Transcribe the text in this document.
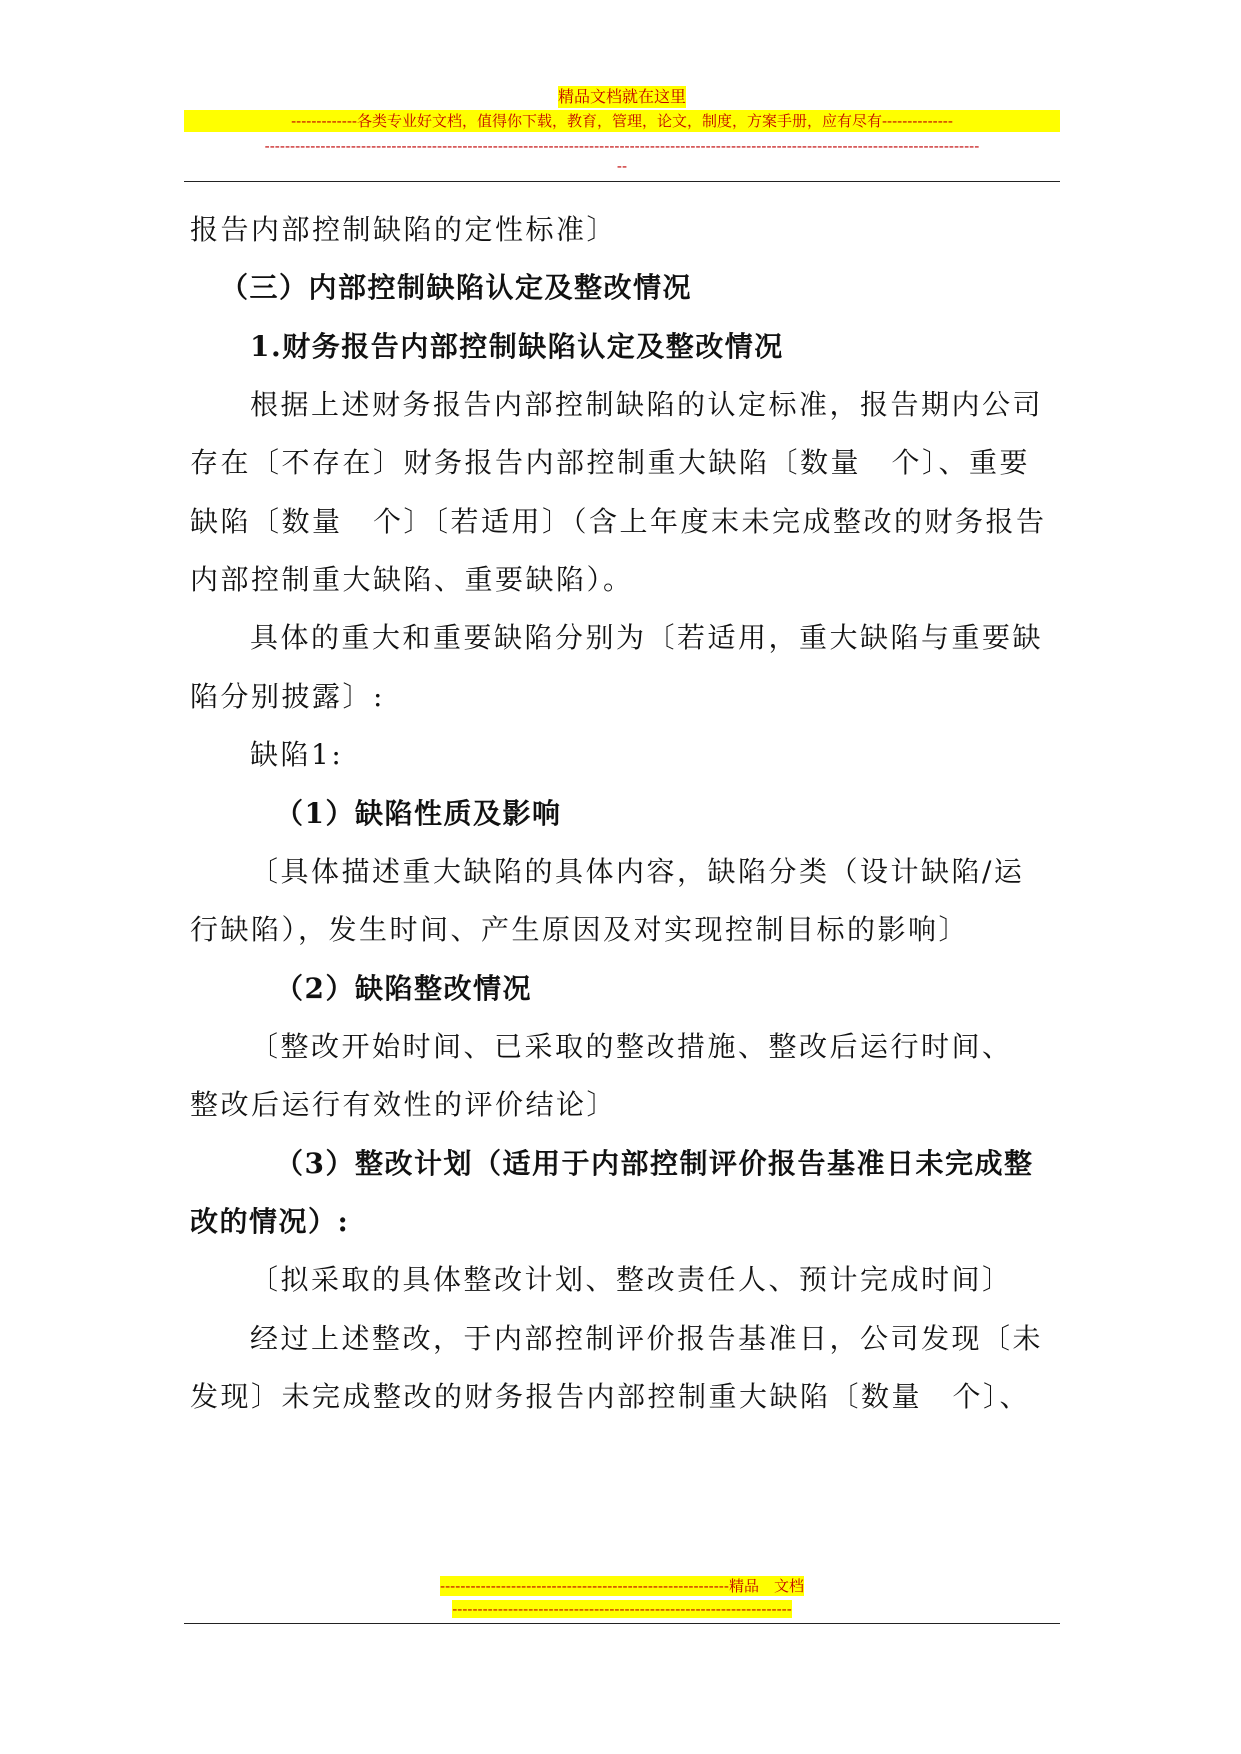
精品文档就在这里
-------------各类专业好文档，值得你下载，教育，管理，论文，制度，方案手册，应有尽有--------------
---------------------------------------------------------------------------------------------------------------------------------------------
--
报告内部控制缺陷的定性标准〕
（三）内部控制缺陷认定及整改情况
1.财务报告内部控制缺陷认定及整改情况
根据上述财务报告内部控制缺陷的认定标准，报告期内公司
存在〔不存在〕财务报告内部控制重大缺陷〔数量　个〕、重要
缺陷〔数量　个〕〔若适用〕（含上年度末未完成整改的财务报告
内部控制重大缺陷、重要缺陷）。
具体的重大和重要缺陷分别为〔若适用，重大缺陷与重要缺
陷分别披露〕:
缺陷1:
（1）缺陷性质及影响
〔具体描述重大缺陷的具体内容，缺陷分类（设计缺陷/运
行缺陷），发生时间、产生原因及对实现控制目标的影响〕
（2）缺陷整改情况
〔整改开始时间、已采取的整改措施、整改后运行时间、
整改后运行有效性的评价结论〕
（3）整改计划（适用于内部控制评价报告基准日未完成整
改的情况）:
〔拟采取的具体整改计划、整改责任人、预计完成时间〕
经过上述整改，于内部控制评价报告基准日，公司发现〔未
发现〕未完成整改的财务报告内部控制重大缺陷〔数量　个〕、
---------------------------------------------------------精品　文档
-------------------------------------------------------------------
